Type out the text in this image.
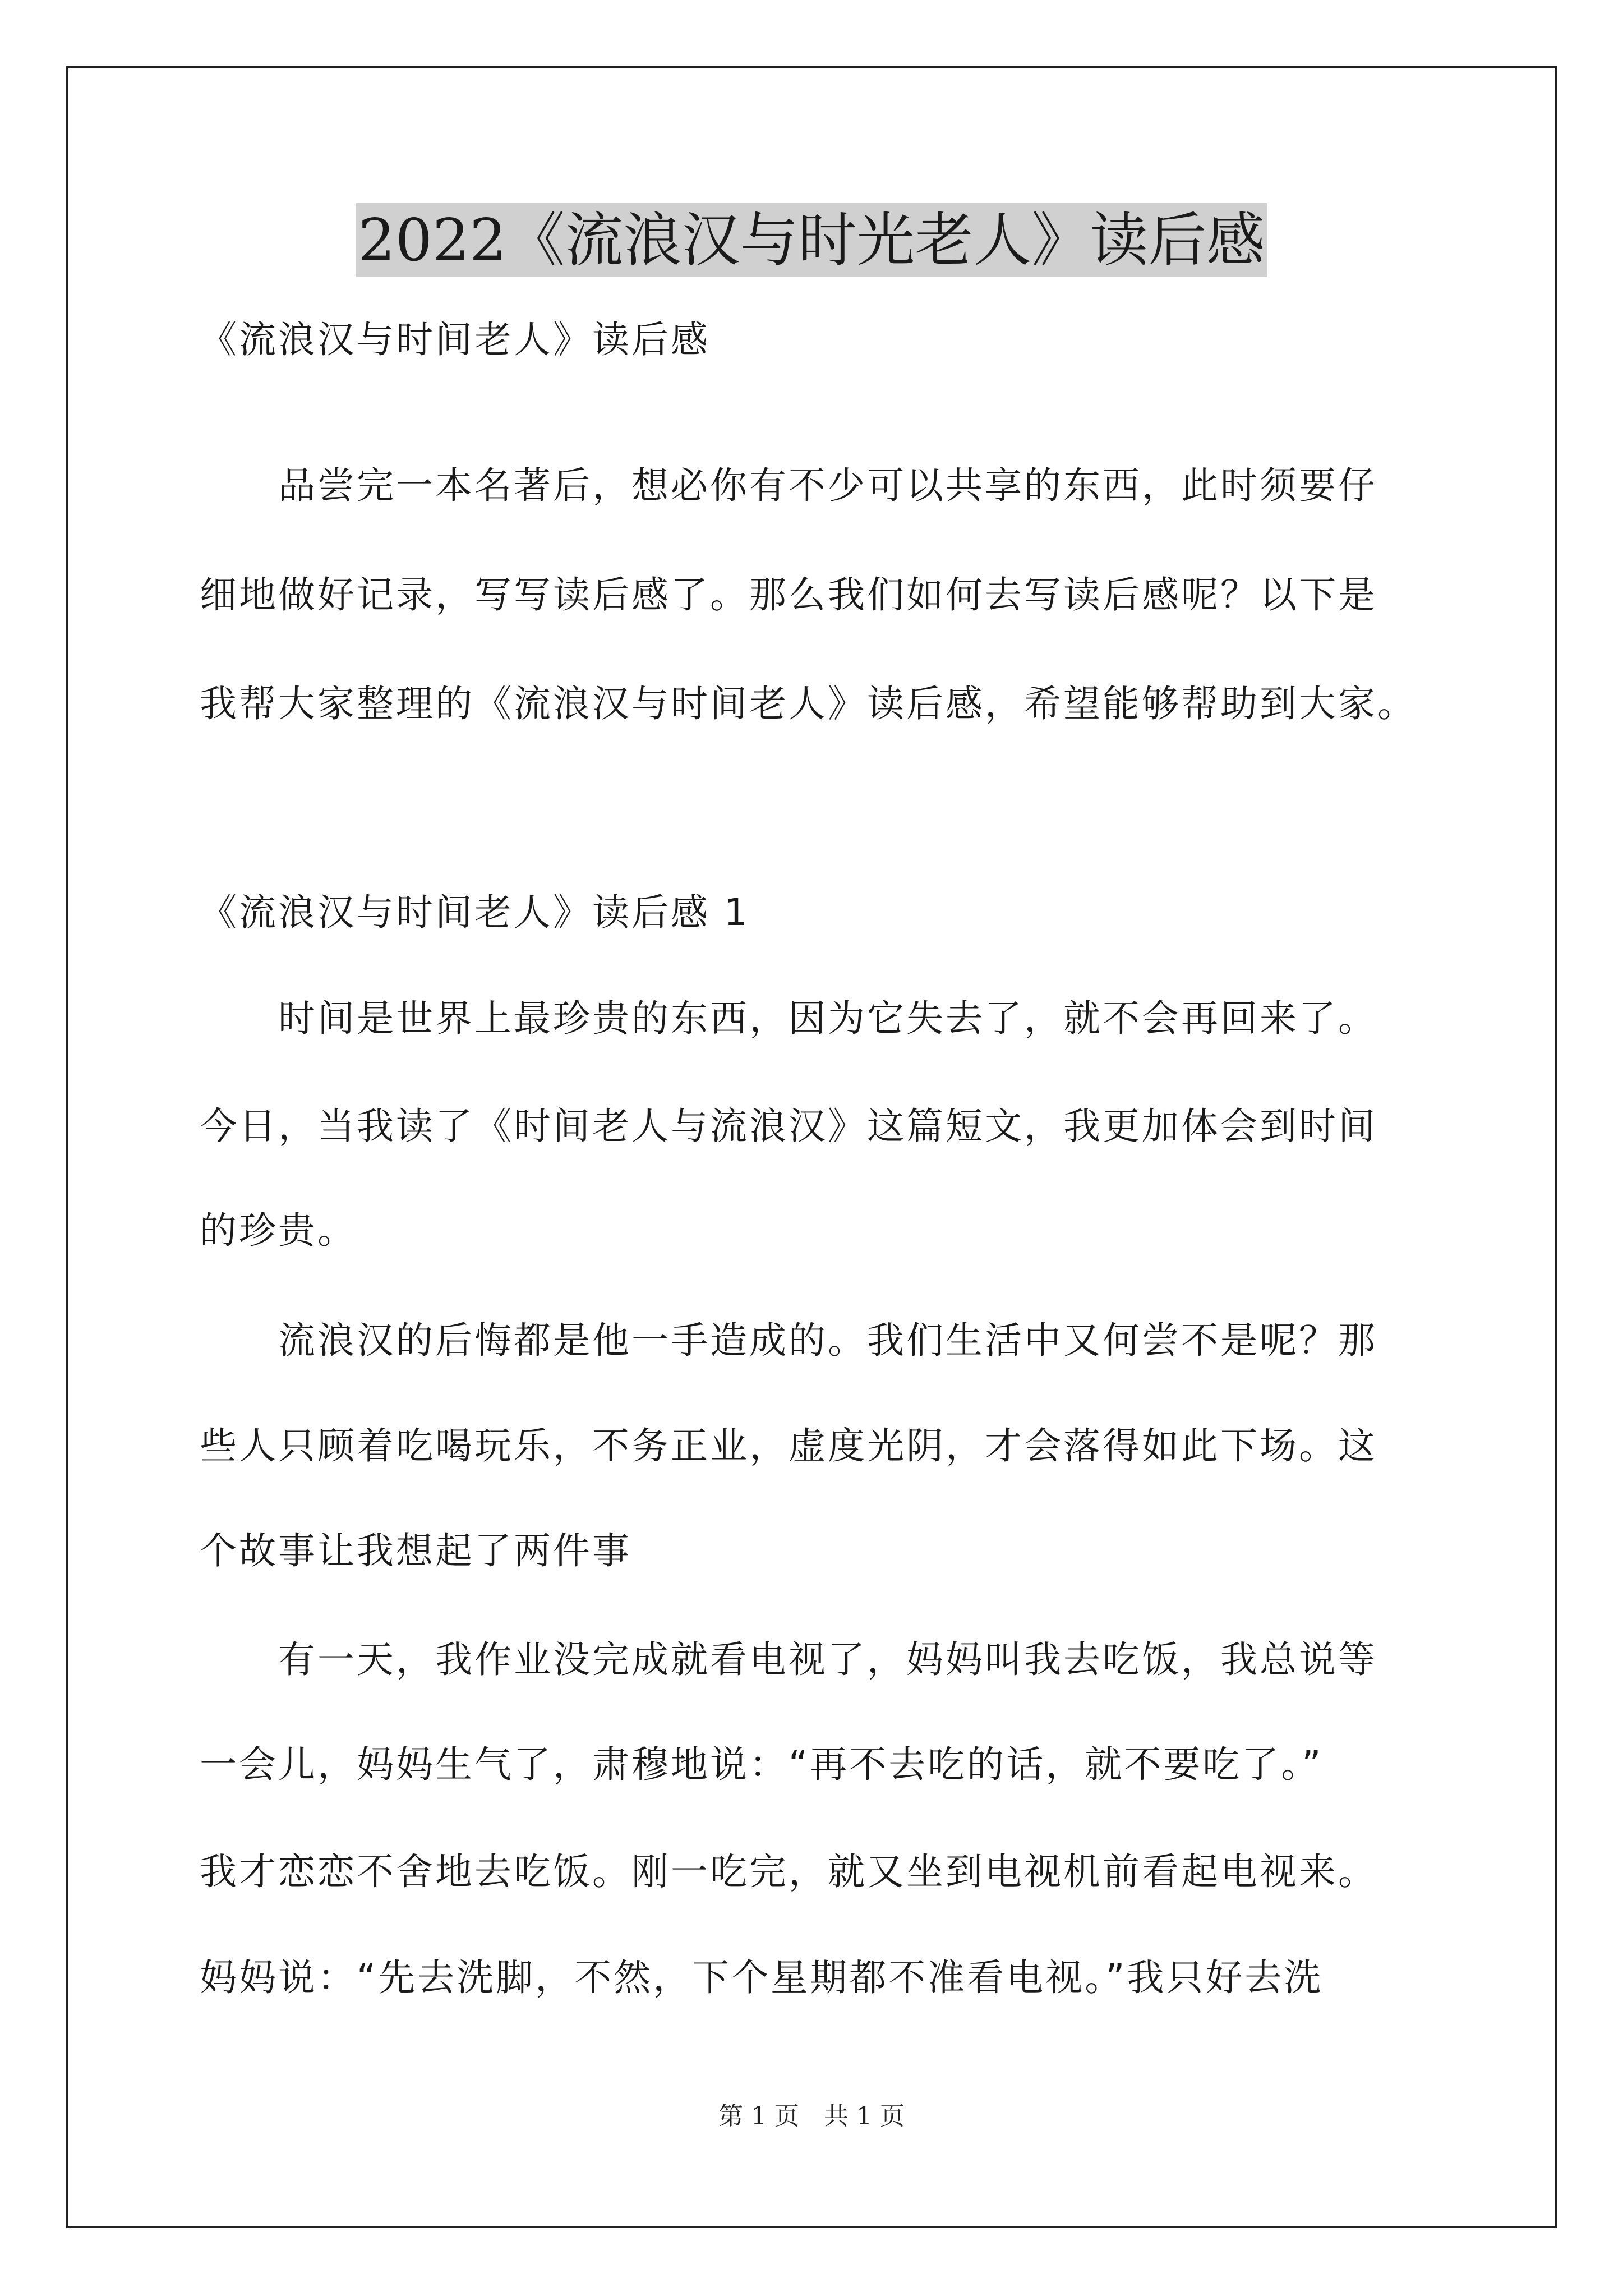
2022《流浪汉与时光老人》读后感
《流浪汉与时间老人》读后感
　　品尝完一本名著后，想必你有不少可以共享的东西，此时须要仔
细地做好记录，写写读后感了。那么我们如何去写读后感呢？以下是
我帮大家整理的《流浪汉与时间老人》读后感，希望能够帮助到大家。
《流浪汉与时间老人》读后感 1
　　时间是世界上最珍贵的东西，因为它失去了，就不会再回来了。
今日，当我读了《时间老人与流浪汉》这篇短文，我更加体会到时间
的珍贵。
　　流浪汉的后悔都是他一手造成的。我们生活中又何尝不是呢？那
些人只顾着吃喝玩乐，不务正业，虚度光阴，才会落得如此下场。这
个故事让我想起了两件事
　　有一天，我作业没完成就看电视了，妈妈叫我去吃饭，我总说等
一会儿，妈妈生气了，肃穆地说：“再不去吃的话，就不要吃了。”
我才恋恋不舍地去吃饭。刚一吃完，就又坐到电视机前看起电视来。
妈妈说：“先去洗脚，不然，下个星期都不准看电视。”我只好去洗
第 1 页　共 1 页
